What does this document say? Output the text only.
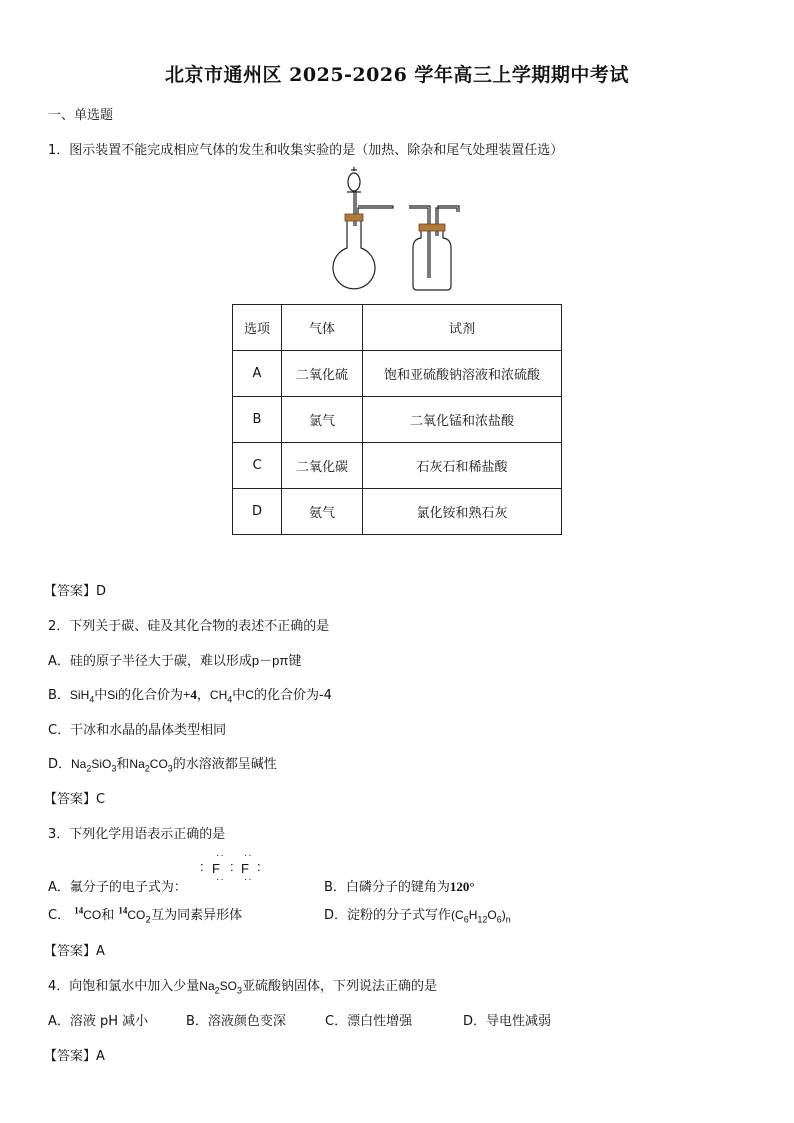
北京市通州区 2025-2026 学年高三上学期期中考试
一、单选题
1．图示装置不能完成相应气体的发生和收集实验的是（加热、除杂和尾气处理装置任选）
选项	气体	试剂
A	二氧化硫	饱和亚硫酸钠溶液和浓硫酸
B	氯气	二氧化锰和浓盐酸
C	二氧化碳	石灰石和稀盐酸
D	氨气	氯化铵和熟石灰
【答案】D
2．下列关于碳、硅及其化合物的表述不正确的是
A．硅的原子半径大于碳，难以形成p－pπ键
B．SiH$_4$中Si的化合价为+4，$CH_4$中C的化合价为-4
C．干冰和水晶的晶体类型相同
D．$Na_2SiO_3$和$Na_2CO_3$的水溶液都呈碱性
【答案】C
3．下列化学用语表示正确的是
A．氟分子的电子式为：
·· ··
: F : F :
·· ··
B．白磷分子的键角为120°
C． $^{14}$CO和 $^{14}CO_2$互为同素异形体	D．淀粉的分子式写作$(C_6H_{12}O_6)_n$
【答案】A
4．向饱和氯水中加入少量$Na_2SO_3$亚硫酸钠固体，下列说法正确的是
A．溶液 pH 减小	B．溶液颜色变深	C．漂白性增强	D．导电性减弱
【答案】A
